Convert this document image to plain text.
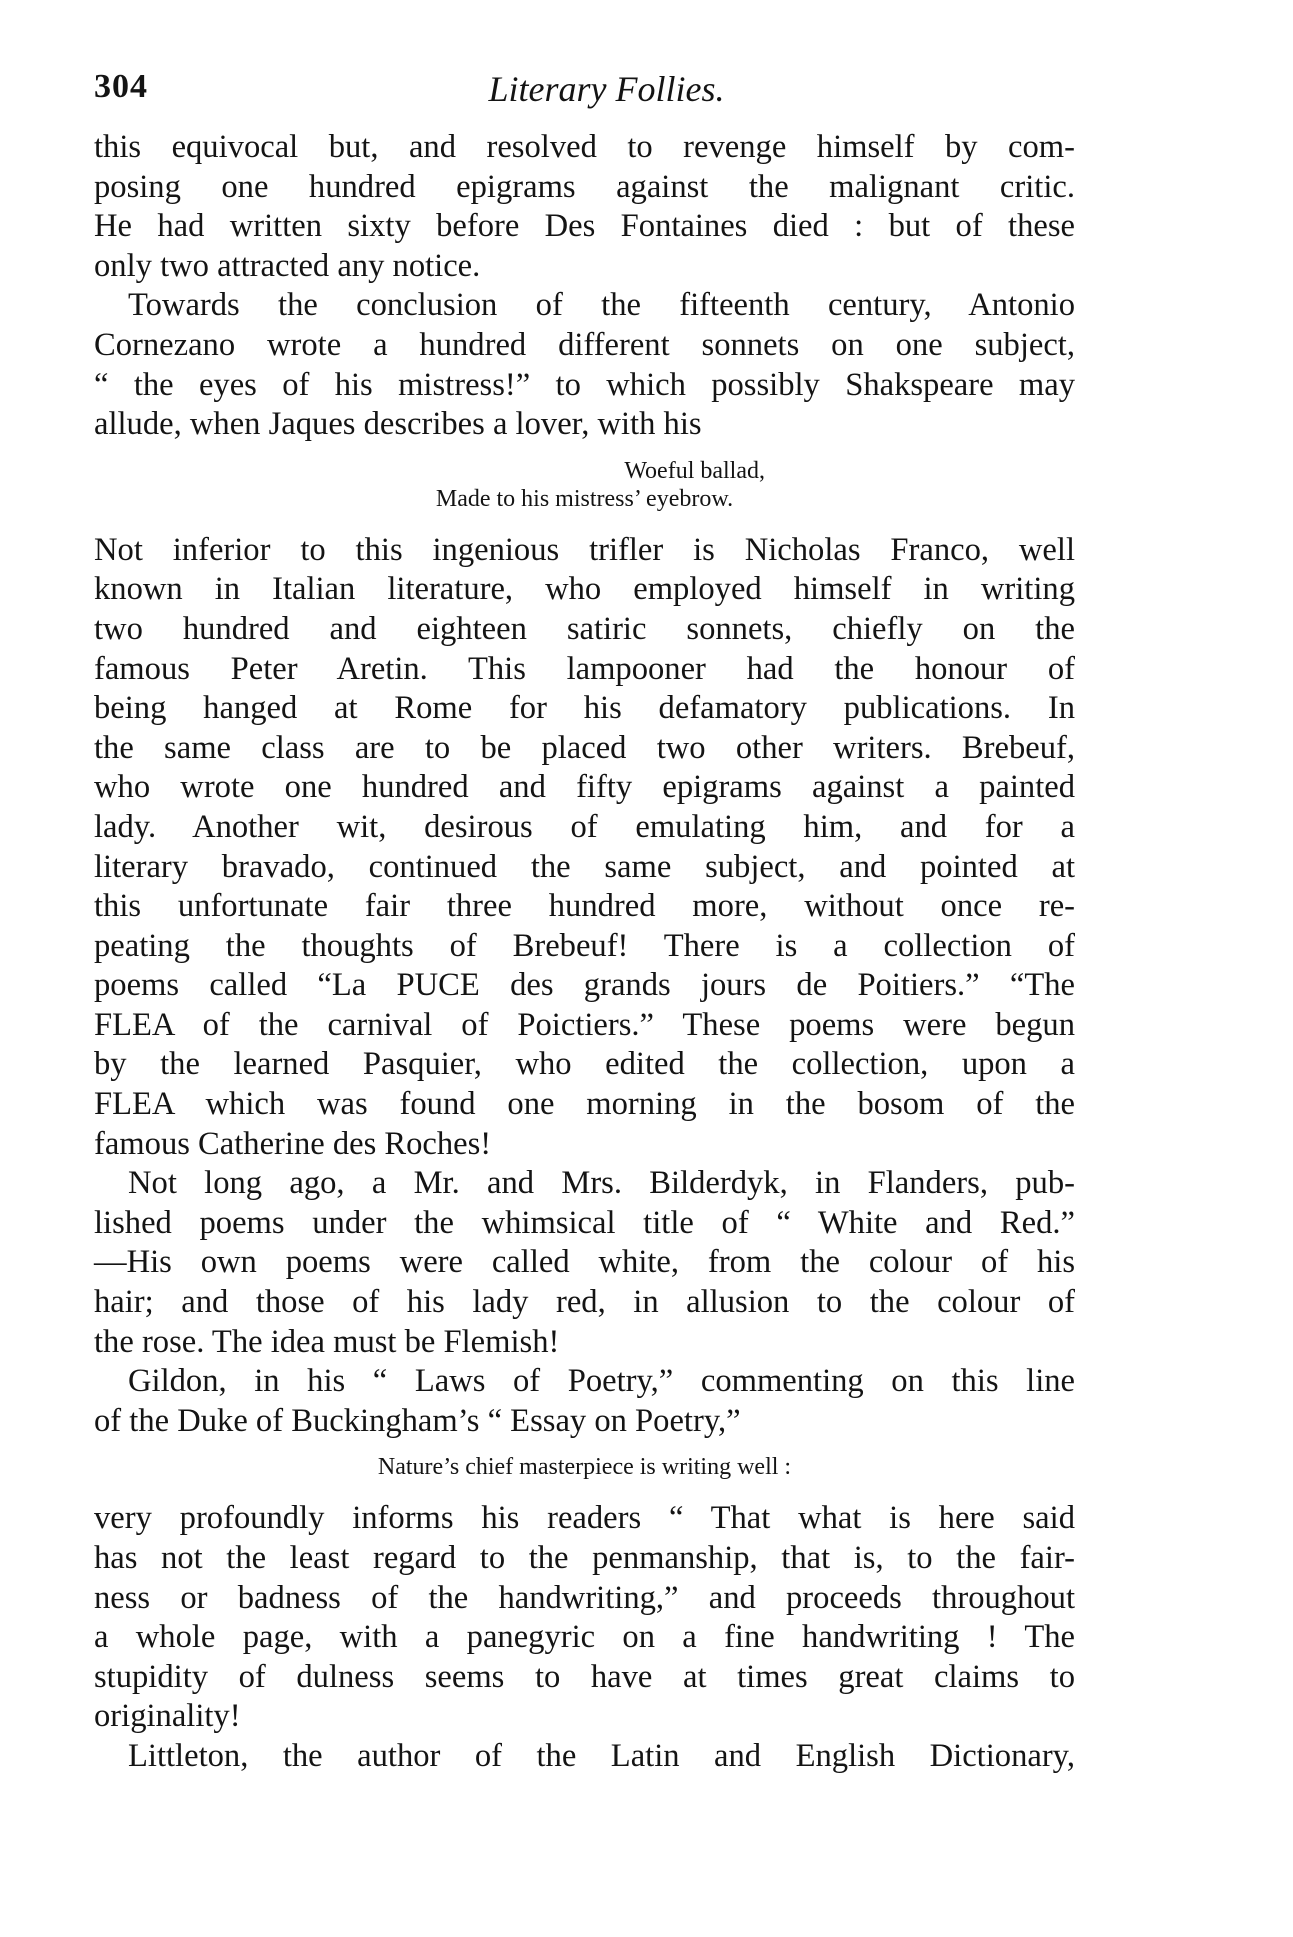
304	Literary Follies.
this equivocal but, and resolved to revenge himself by com-
posing one hundred epigrams against the malignant critic.
He had written sixty before Des Fontaines died : but of these
only two attracted any notice.
Towards the conclusion of the fifteenth century, Antonio
Cornezano wrote a hundred different sonnets on one subject,
“ the eyes of his mistress!” to which possibly Shakspeare may
allude, when Jaques describes a lover, with his
Woeful ballad,
Made to his mistress’ eyebrow.
Not inferior to this ingenious trifler is Nicholas Franco, well
known in Italian literature, who employed himself in writing
two hundred and eighteen satiric sonnets, chiefly on the
famous Peter Aretin. This lampooner had the honour of
being hanged at Rome for his defamatory publications. In
the same class are to be placed two other writers. Brebeuf,
who wrote one hundred and fifty epigrams against a painted
lady. Another wit, desirous of emulating him, and for a
literary bravado, continued the same subject, and pointed at
this unfortunate fair three hundred more, without once re-
peating the thoughts of Brebeuf! There is a collection of
poems called “La PUCE des grands jours de Poitiers.” “The
FLEA of the carnival of Poictiers.” These poems were begun
by the learned Pasquier, who edited the collection, upon a
FLEA which was found one morning in the bosom of the
famous Catherine des Roches!
Not long ago, a Mr. and Mrs. Bilderdyk, in Flanders, pub-
lished poems under the whimsical title of “ White and Red.”
—His own poems were called white, from the colour of his
hair; and those of his lady red, in allusion to the colour of
the rose. The idea must be Flemish!
Gildon, in his “ Laws of Poetry,” commenting on this line
of the Duke of Buckingham’s “ Essay on Poetry,”
Nature’s chief masterpiece is writing well :
very profoundly informs his readers “ That what is here said
has not the least regard to the penmanship, that is, to the fair-
ness or badness of the handwriting,” and proceeds throughout
a whole page, with a panegyric on a fine handwriting ! The
stupidity of dulness seems to have at times great claims to
originality!
Littleton, the author of the Latin and English Dictionary,
